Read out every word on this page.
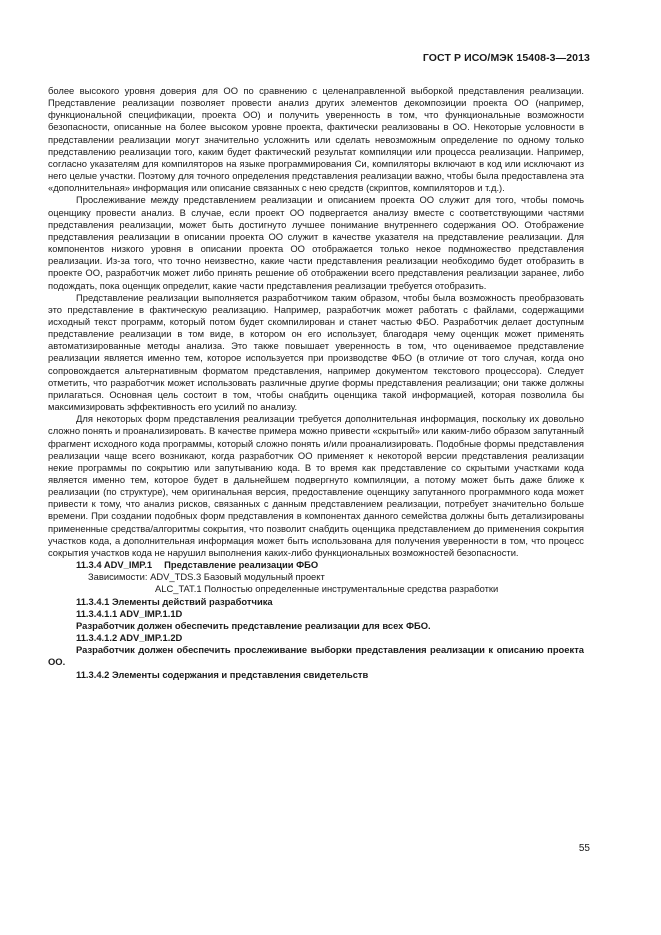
ГОСТ Р ИСО/МЭК 15408-3—2013

более высокого уровня доверия для ОО по сравнению с целенаправленной выборкой представления реализации. Представление реализации позволяет провести анализ других элементов декомпозиции проекта ОО (например, функциональной спецификации, проекта ОО) и получить уверенность в том, что функциональные возможности безопасности, описанные на более высоком уровне проекта, фактически реализованы в ОО. Некоторые условности в представлении реализации могут значительно усложнить или сделать невозможным определение по одному только представлению реализации того, каким будет фактический результат компиляции или процесса реализации. Например, согласно указателям для компиляторов на языке программирования Си, компиляторы включают в код или исключают из него целые участки. Поэтому для точного определения представления реализации важно, чтобы была предоставлена эта «дополнительная» информация или описание связанных с нею средств (скриптов, компиляторов и т.д.).

Прослеживание между представлением реализации и описанием проекта ОО служит для того, чтобы помочь оценщику провести анализ. В случае, если проект ОО подвергается анализу вместе с соответствующими частями представления реализации, может быть достигнуто лучшее понимание внутреннего содержания ОО. Отображение представления реализации в описании проекта ОО служит в качестве указателя на представление реализации. Для компонентов низкого уровня в описании проекта ОО отображается только некое подмножество представления реализации. Из-за того, что точно неизвестно, какие части представления реализации необходимо будет отобразить в проекте ОО, разработчик может либо принять решение об отображении всего представления реализации заранее, либо подождать, пока оценщик определит, какие части представления реализации требуется отобразить.

Представление реализации выполняется разработчиком таким образом, чтобы была возможность преобразовать это представление в фактическую реализацию. Например, разработчик может работать с файлами, содержащими исходный текст программ, который потом будет скомпилирован и станет частью ФБО. Разработчик делает доступным представление реализации в том виде, в котором он его использует, благодаря чему оценщик может применять автоматизированные методы анализа. Это также повышает уверенность в том, что оцениваемое представление реализации является именно тем, которое используется при производстве ФБО (в отличие от того случая, когда оно сопровождается альтернативным форматом представления, например документом текстового процессора). Следует отметить, что разработчик может использовать различные другие формы представления реализации; они также должны прилагаться. Основная цель состоит в том, чтобы снабдить оценщика такой информацией, которая позволила бы максимизировать эффективность его усилий по анализу.

Для некоторых форм представления реализации требуется дополнительная информация, поскольку их довольно сложно понять и проанализировать. В качестве примера можно привести «скрытый» или каким-либо образом запутанный фрагмент исходного кода программы, который сложно понять и/или проанализировать. Подобные формы представления реализации чаще всего возникают, когда разработчик ОО применяет к некоторой версии представления реализации некие программы по сокрытию или запутыванию кода. В то время как представление со скрытыми участками кода является именно тем, которое будет в дальнейшем подвергнуто компиляции, а потому может быть даже ближе к реализации (по структуре), чем оригинальная версия, предоставление оценщику запутанного программного кода может привести к тому, что анализ рисков, связанных с данным представлением реализации, потребует значительно больше времени. При создании подобных форм представления в компонентах данного семейства должны быть детализированы примененные средства/алгоритмы сокрытия, что позволит снабдить оценщика представлением до применения сокрытия участков кода, а дополнительная информация может быть использована для получения уверенности в том, что процесс сокрытия участков кода не нарушил выполнения каких-либо функциональных возможностей безопасности.

11.3.4 ADV_IMP.1 Представление реализации ФБО

Зависимости: ADV_TDS.3 Базовый модульный проект

ALC_TAT.1 Полностью определенные инструментальные средства разработки

11.3.4.1 Элементы действий разработчика

11.3.4.1.1 ADV_IMP.1.1D

Разработчик должен обеспечить представление реализации для всех ФБО.

11.3.4.1.2 ADV_IMP.1.2D

Разработчик должен обеспечить прослеживание выборки представления реализации к описанию проекта ОО.

11.3.4.2 Элементы содержания и представления свидетельств

55
